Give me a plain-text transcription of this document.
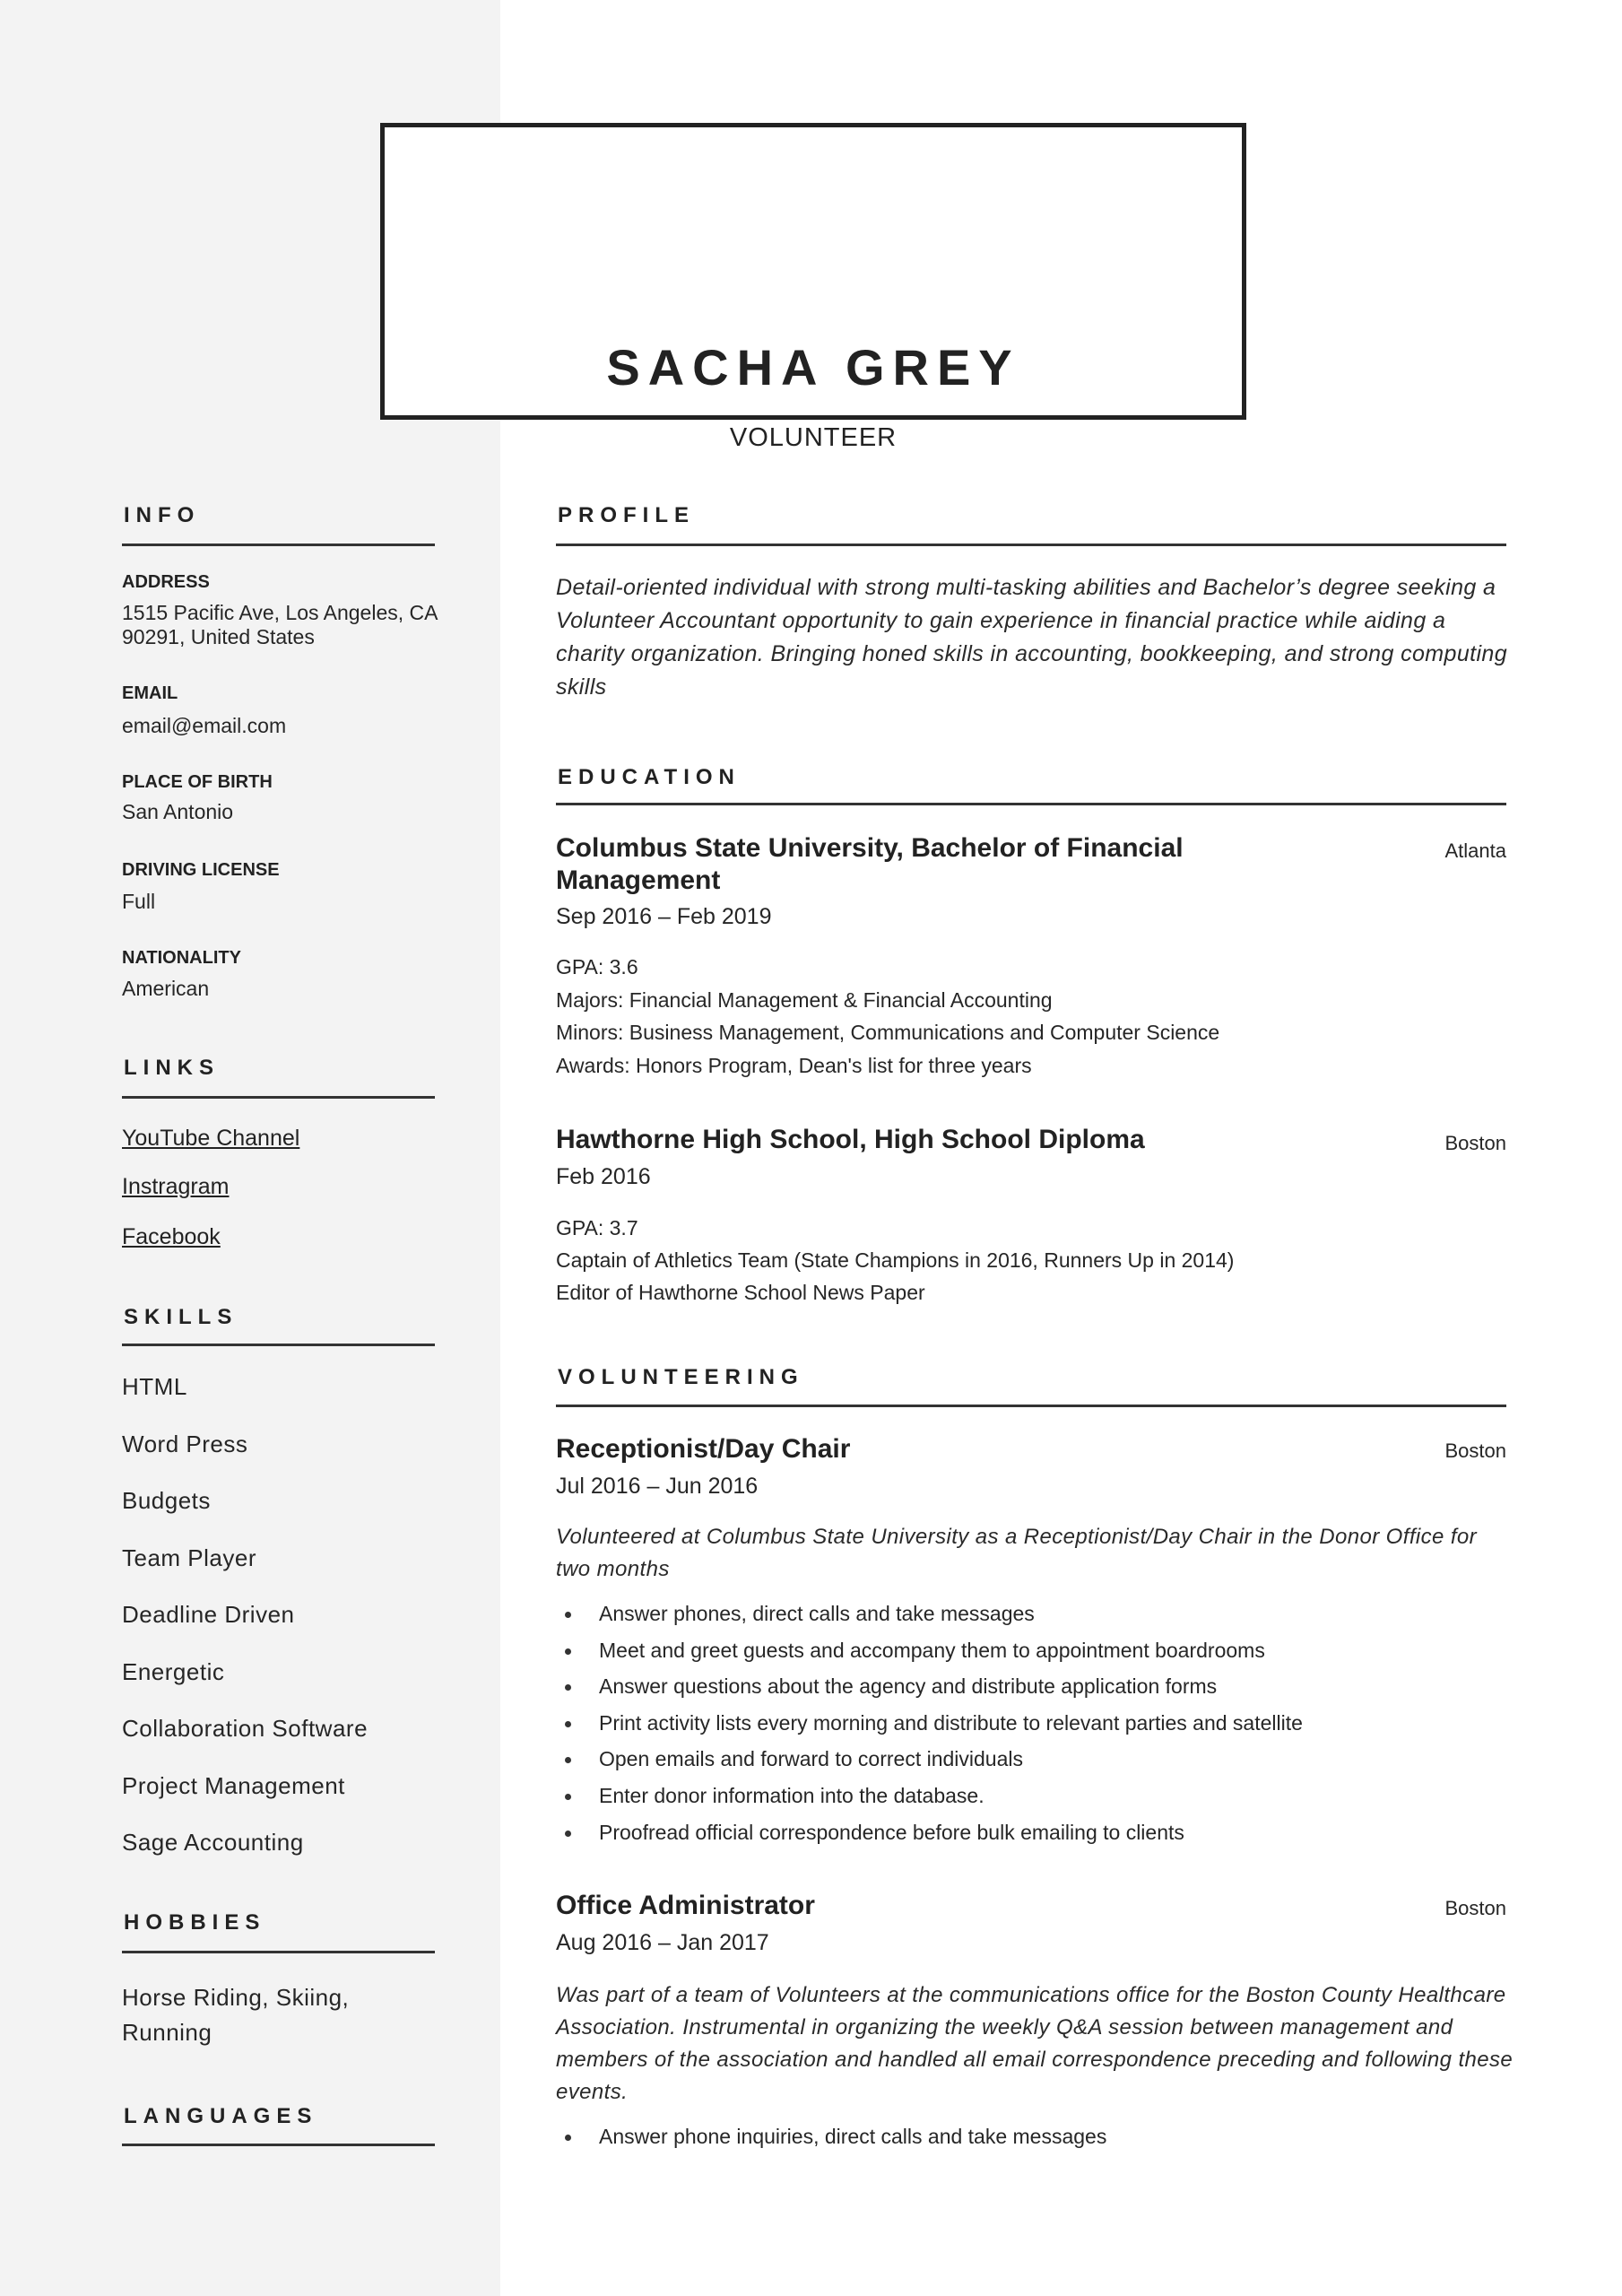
SACHA GREY
VOLUNTEER
INFO
ADDRESS
1515 Pacific Ave, Los Angeles, CA
90291, United States
EMAIL
email@email.com
PLACE OF BIRTH
San Antonio
DRIVING LICENSE
Full
NATIONALITY
American
LINKS
YouTube Channel
Instragram
Facebook
SKILLS
HTML
Word Press
Budgets
Team Player
Deadline Driven
Energetic
Collaboration Software
Project Management
Sage Accounting
HOBBIES
Horse Riding, Skiing,
Running
LANGUAGES
PROFILE
Detail-oriented individual with strong multi-tasking abilities and Bachelor’s degree seeking a Volunteer Accountant opportunity to gain experience in financial practice while aiding a charity organization. Bringing honed skills in accounting, bookkeeping, and strong computing skills
EDUCATION
Columbus State University, Bachelor of Financial Management
Atlanta
Sep 2016 – Feb 2019
GPA: 3.6
Majors: Financial Management & Financial Accounting
Minors: Business Management, Communications and Computer Science
Awards: Honors Program, Dean's list for three years
Hawthorne High School, High School Diploma	Boston
Feb 2016
GPA: 3.7
Captain of Athletics Team (State Champions in 2016, Runners Up in 2014)
Editor of Hawthorne School News Paper
VOLUNTEERING
Receptionist/Day Chair	Boston
Jul 2016 – Jun 2016
Volunteered at Columbus State University as a Receptionist/Day Chair in the Donor Office for two months
Answer phones, direct calls and take messages
Meet and greet guests and accompany them to appointment boardrooms
Answer questions about the agency and distribute application forms
Print activity lists every morning and distribute to relevant parties and satellite
Open emails and forward to correct individuals
Enter donor information into the database.
Proofread official correspondence before bulk emailing to clients
Office Administrator	Boston
Aug 2016 – Jan 2017
Was part of a team of Volunteers at the communications office for the Boston County Healthcare Association. Instrumental in organizing the weekly Q&A session between management and members of the association and handled all email correspondence preceding and following these events.
Answer phone inquiries, direct calls and take messages
